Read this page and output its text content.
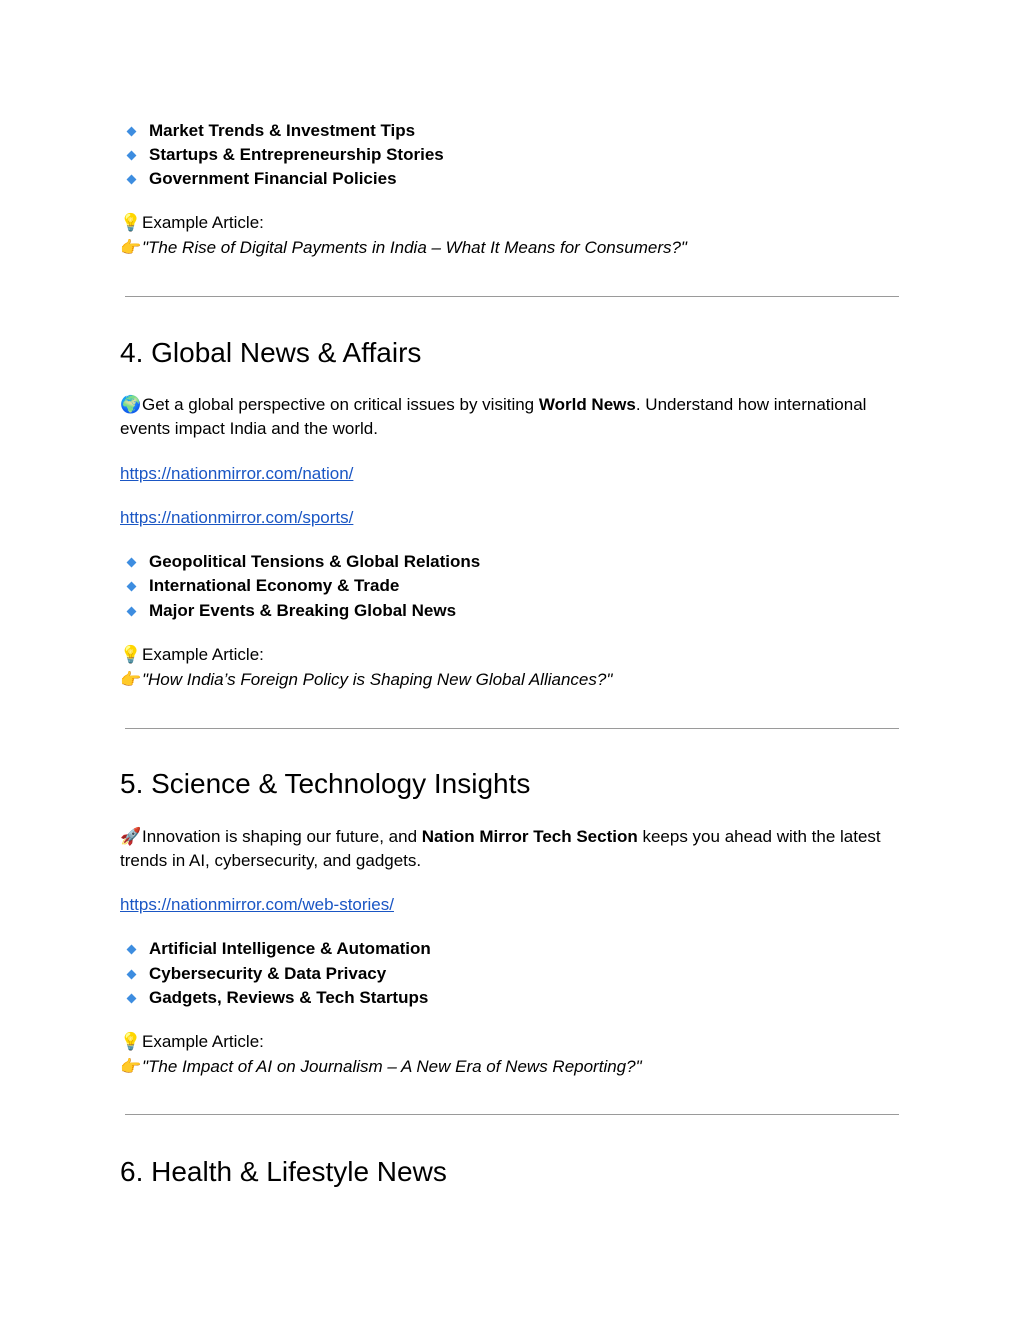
Market Trends & Investment Tips
Startups & Entrepreneurship Stories
Government Financial Policies
💡Example Article:
👉"The Rise of Digital Payments in India – What It Means for Consumers?"
4. Global News & Affairs
🌍Get a global perspective on critical issues by visiting World News. Understand how international events impact India and the world.
https://nationmirror.com/nation/
https://nationmirror.com/sports/
Geopolitical Tensions & Global Relations
International Economy & Trade
Major Events & Breaking Global News
💡Example Article:
👉"How India’s Foreign Policy is Shaping New Global Alliances?"
5. Science & Technology Insights
🚀Innovation is shaping our future, and Nation Mirror Tech Section keeps you ahead with the latest trends in AI, cybersecurity, and gadgets.
https://nationmirror.com/web-stories/
Artificial Intelligence & Automation
Cybersecurity & Data Privacy
Gadgets, Reviews & Tech Startups
💡Example Article:
👉"The Impact of AI on Journalism – A New Era of News Reporting?"
6. Health & Lifestyle News
